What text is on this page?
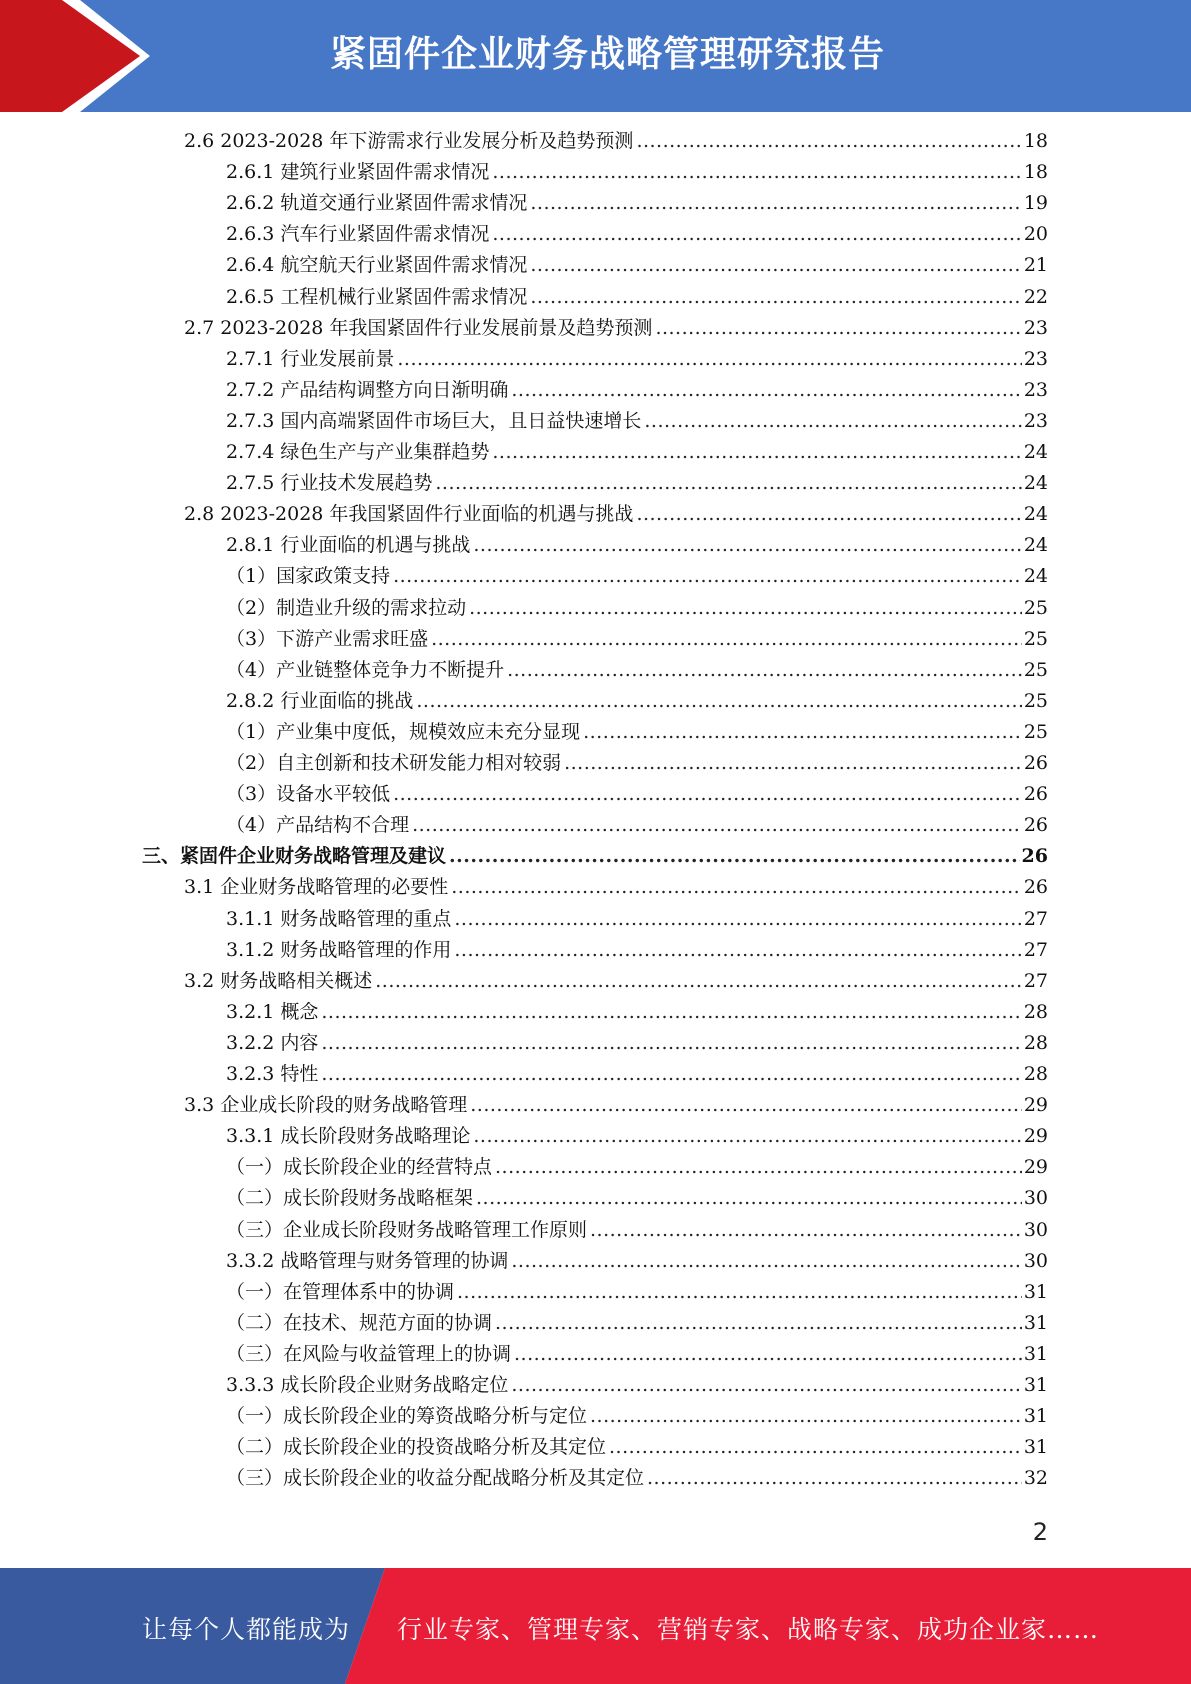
紧固件企业财务战略管理研究报告
2.6 2023-2028 年下游需求行业发展分析及趋势预测 .....	18
2.6.1 建筑行业紧固件需求情况 .....	18
2.6.2 轨道交通行业紧固件需求情况 .....	19
2.6.3 汽车行业紧固件需求情况 .....	20
2.6.4 航空航天行业紧固件需求情况 .....	21
2.6.5 工程机械行业紧固件需求情况 .....	22
2.7 2023-2028 年我国紧固件行业发展前景及趋势预测 .....	23
2.7.1 行业发展前景 .....	23
2.7.2 产品结构调整方向日渐明确 .....	23
2.7.3 国内高端紧固件市场巨大，且日益快速增长 .....	23
2.7.4 绿色生产与产业集群趋势 .....	24
2.7.5 行业技术发展趋势 .....	24
2.8 2023-2028 年我国紧固件行业面临的机遇与挑战 .....	24
2.8.1 行业面临的机遇与挑战 .....	24
（1）国家政策支持 .....	24
（2）制造业升级的需求拉动 .....	25
（3）下游产业需求旺盛 .....	25
（4）产业链整体竞争力不断提升 .....	25
2.8.2 行业面临的挑战 .....	25
（1）产业集中度低，规模效应未充分显现 .....	25
（2）自主创新和技术研发能力相对较弱 .....	26
（3）设备水平较低 .....	26
（4）产品结构不合理 .....	26
三、紧固件企业财务战略管理及建议 .....	26
3.1 企业财务战略管理的必要性 .....	26
3.1.1 财务战略管理的重点 .....	27
3.1.2 财务战略管理的作用 .....	27
3.2 财务战略相关概述 .....	27
3.2.1 概念 .....	28
3.2.2 内容 .....	28
3.2.3 特性 .....	28
3.3 企业成长阶段的财务战略管理 .....	29
3.3.1 成长阶段财务战略理论 .....	29
（一）成长阶段企业的经营特点 .....	29
（二）成长阶段财务战略框架 .....	30
（三）企业成长阶段财务战略管理工作原则 .....	30
3.3.2 战略管理与财务管理的协调 .....	30
（一）在管理体系中的协调 .....	31
（二）在技术、规范方面的协调 .....	31
（三）在风险与收益管理上的协调 .....	31
3.3.3 成长阶段企业财务战略定位 .....	31
（一）成长阶段企业的筹资战略分析与定位 .....	31
（二）成长阶段企业的投资战略分析及其定位 .....	31
（三）成长阶段企业的收益分配战略分析及其定位 .....	32
2
让每个人都能成为 行业专家、管理专家、营销专家、战略专家、成功企业家……
